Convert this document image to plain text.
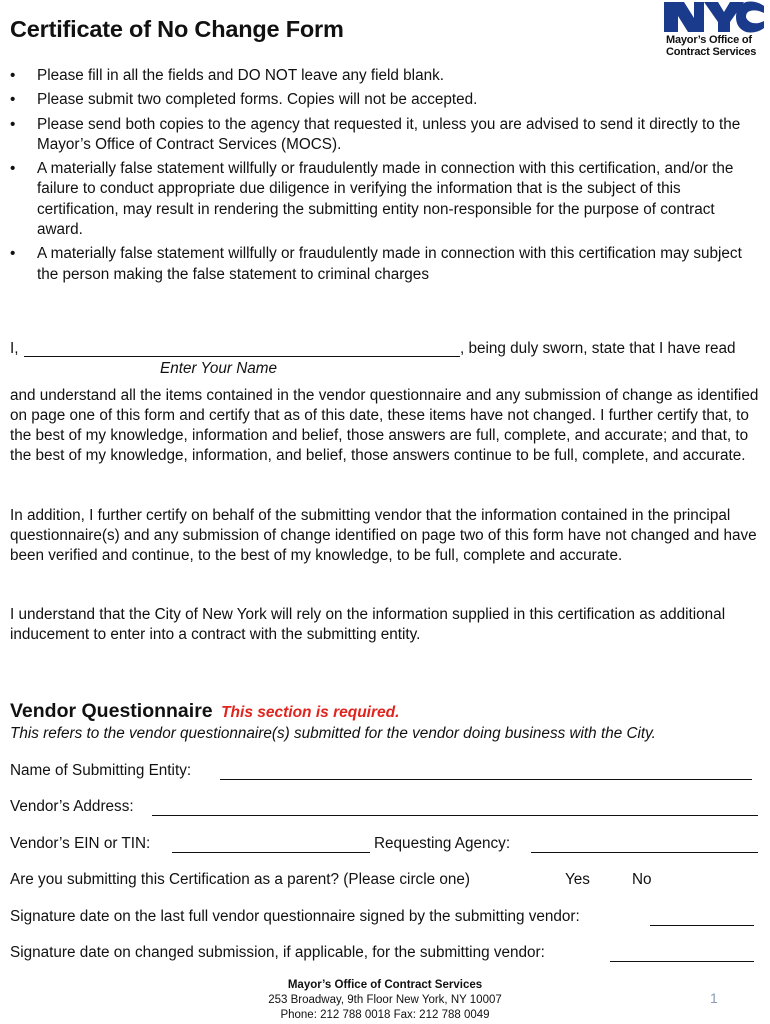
Certificate of No Change Form	Mayor’s Office of
Contract Services
• Please fill in all the fields and DO NOT leave any field blank.
• Please submit two completed forms. Copies will not be accepted.
• Please send both copies to the agency that requested it, unless you are advised to send it directly to the Mayor’s Office of Contract Services (MOCS).
• A materially false statement willfully or fraudulently made in connection with this certification, and/or the failure to conduct appropriate due diligence in verifying the information that is the subject of this certification, may result in rendering the submitting entity non-responsible for the purpose of contract award.
• A materially false statement willfully or fraudulently made in connection with this certification may subject the person making the false statement to criminal charges
I,	, being duly sworn, state that I have read
Enter Your Name

and understand all the items contained in the vendor questionnaire and any submission of change as identified on page one of this form and certify that as of this date, these items have not changed. I further certify that, to the best of my knowledge, information and belief, those answers are full, complete, and accurate; and that, to the best of my knowledge, information, and belief, those answers continue to be full, complete, and accurate.

In addition, I further certify on behalf of the submitting vendor that the information contained in the principal questionnaire(s) and any submission of change identified on page two of this form have not changed and have been verified and continue, to the best of my knowledge, to be full, complete and accurate.

I understand that the City of New York will rely on the information supplied in this certification as additional inducement to enter into a contract with the submitting entity.

Vendor Questionnaire This section is required.
This refers to the vendor questionnaire(s) submitted for the vendor doing business with the City.
Name of Submitting Entity:
Vendor’s Address:
Vendor’s EIN or TIN:	Requesting Agency:
Are you submitting this Certification as a parent? (Please circle one)	Yes	No
Signature date on the last full vendor questionnaire signed by the submitting vendor:
Signature date on changed submission, if applicable, for the submitting vendor:
Mayor’s Office of Contract Services
253 Broadway, 9th Floor New York, NY 10007
Phone: 212 788 0018 Fax: 212 788 0049
1
